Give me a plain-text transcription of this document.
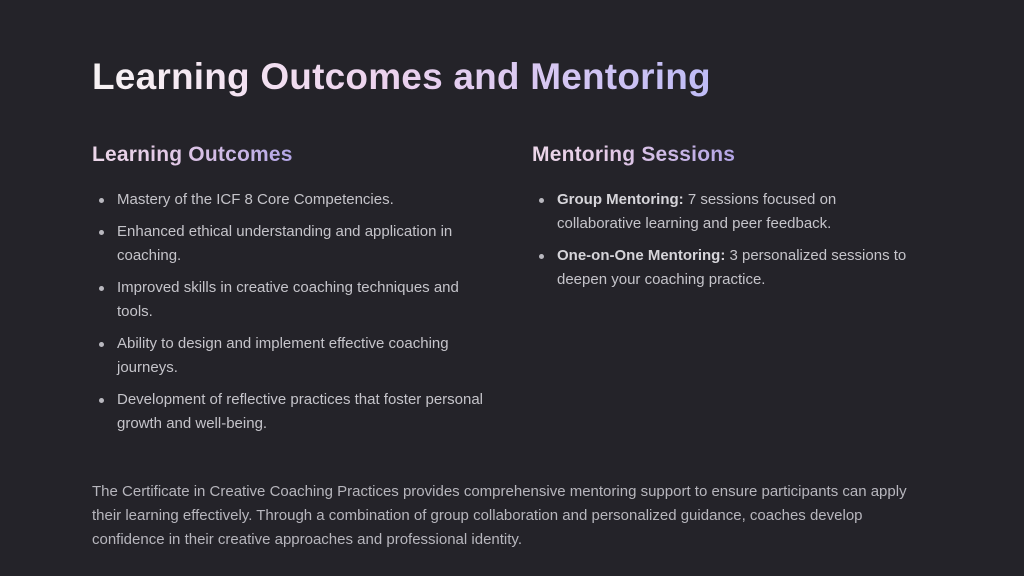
Learning Outcomes and Mentoring
Learning Outcomes
Mastery of the ICF 8 Core Competencies.
Enhanced ethical understanding and application in coaching.
Improved skills in creative coaching techniques and tools.
Ability to design and implement effective coaching journeys.
Development of reflective practices that foster personal growth and well-being.
Mentoring Sessions
Group Mentoring: 7 sessions focused on collaborative learning and peer feedback.
One-on-One Mentoring: 3 personalized sessions to deepen your coaching practice.

The Certificate in Creative Coaching Practices provides comprehensive mentoring support to ensure participants can apply their learning effectively. Through a combination of group collaboration and personalized guidance, coaches develop confidence in their creative approaches and professional identity.
